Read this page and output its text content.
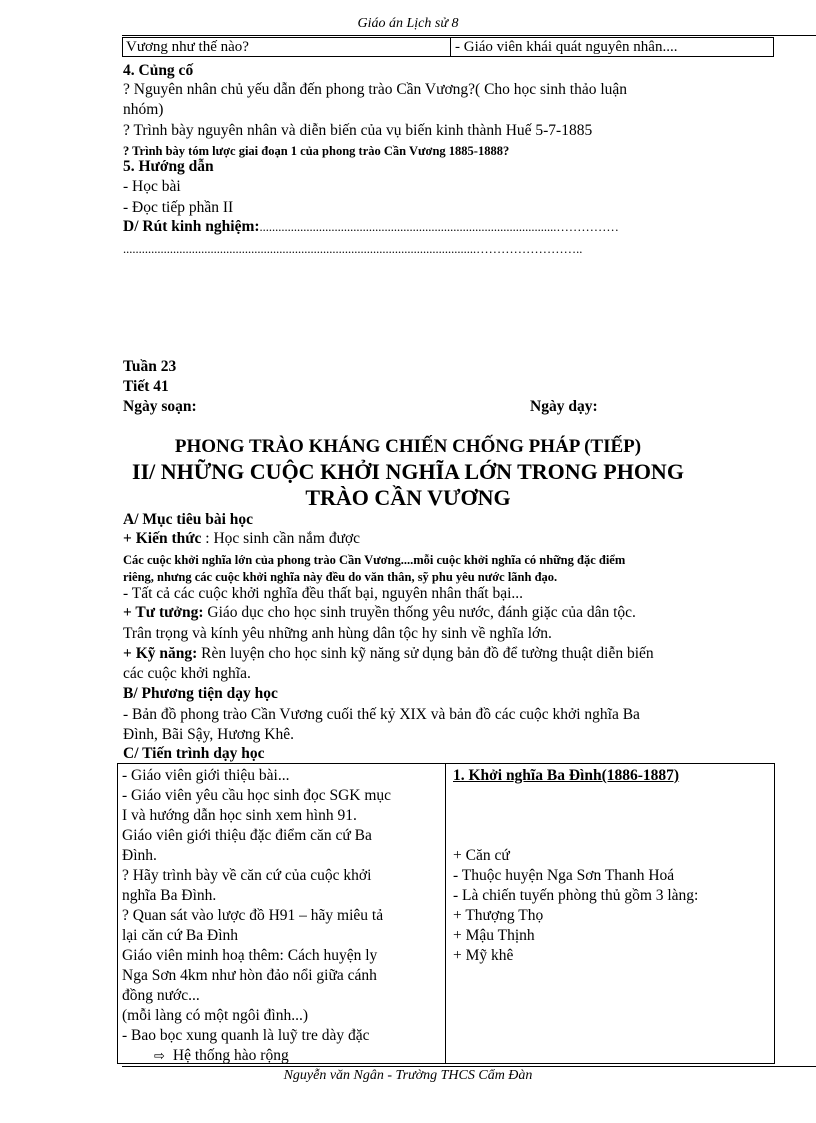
Giáo án Lịch sử 8
Vương như thế nào?	- Giáo viên khái quát nguyên nhân....
4. Củng cố
? Nguyên nhân chủ yếu dẫn đến phong trào Cần Vương?( Cho học sinh thảo luận
nhóm)
? Trình bày nguyên nhân và diễn biến của vụ biến kinh thành Huế 5-7-1885
? Trình bày tóm lược giai đoạn 1 của phong trào Cần Vương 1885-1888?
5. Hướng dẫn
- Học bài
- Đọc tiếp phần II
D/ Rút kinh nghiệm:...............................................................................................……………
.................................................................................................................……………………..
Tuần 23
Tiết 41
Ngày soạn:	Ngày dạy:
PHONG TRÀO KHÁNG CHIẾN CHỐNG PHÁP (TIẾP)
II/ NHỮNG CUỘC KHỞI NGHĨA LỚN TRONG PHONG
TRÀO CẦN VƯƠNG
A/ Mục tiêu bài học
+ Kiến thức : Học sinh cần nắm được
Các cuộc khởi nghĩa lớn của phong trào Cần Vương....mỗi cuộc khởi nghĩa có những đặc điểm
riêng, nhưng các cuộc khởi nghĩa này đều do văn thân, sỹ phu yêu nước lãnh đạo.
- Tất cả các cuộc khởi nghĩa đều thất bại, nguyên nhân thất bại...
+ Tư tưởng: Giáo dục cho học sinh truyền thống yêu nước, đánh giặc của dân tộc.
Trân trọng và kính yêu những anh hùng dân tộc hy sinh về nghĩa lớn.
+ Kỹ năng: Rèn luyện cho học sinh kỹ năng sử dụng bản đồ để tường thuật diễn biến
các cuộc khởi nghĩa.
B/ Phương tiện dạy học
- Bản đồ phong trào Cần Vương cuối thế kỷ XIX và bản đồ các cuộc khởi nghĩa Ba
Đình, Bãi Sậy, Hương Khê.
C/ Tiến trình dạy học
- Giáo viên giới thiệu bài...
- Giáo viên yêu cầu học sinh đọc SGK mục
I và hướng dẫn học sinh xem hình 91.
Giáo viên giới thiệu đặc điểm căn cứ Ba
Đình.
? Hãy trình bày về căn cứ của cuộc khởi
nghĩa Ba Đình.
? Quan sát vào lược đồ H91 – hãy miêu tả
lại căn cứ Ba Đình
Giáo viên minh hoạ thêm: Cách huyện ly
Nga Sơn 4km như hòn đảo nổi giữa cánh
đồng nước...
(mỗi làng có một ngôi đình...)
- Bao bọc xung quanh là luỹ tre dày đặc
⇨ Hệ thống hào rộng
1. Khởi nghĩa Ba Đình(1886-1887)
+ Căn cứ
- Thuộc huyện Nga Sơn Thanh Hoá
- Là chiến tuyến phòng thủ gồm 3 làng:
+ Thượng Thọ
+ Mậu Thịnh
+ Mỹ khê
Nguyễn văn Ngân - Trường THCS Cẩm Đàn
